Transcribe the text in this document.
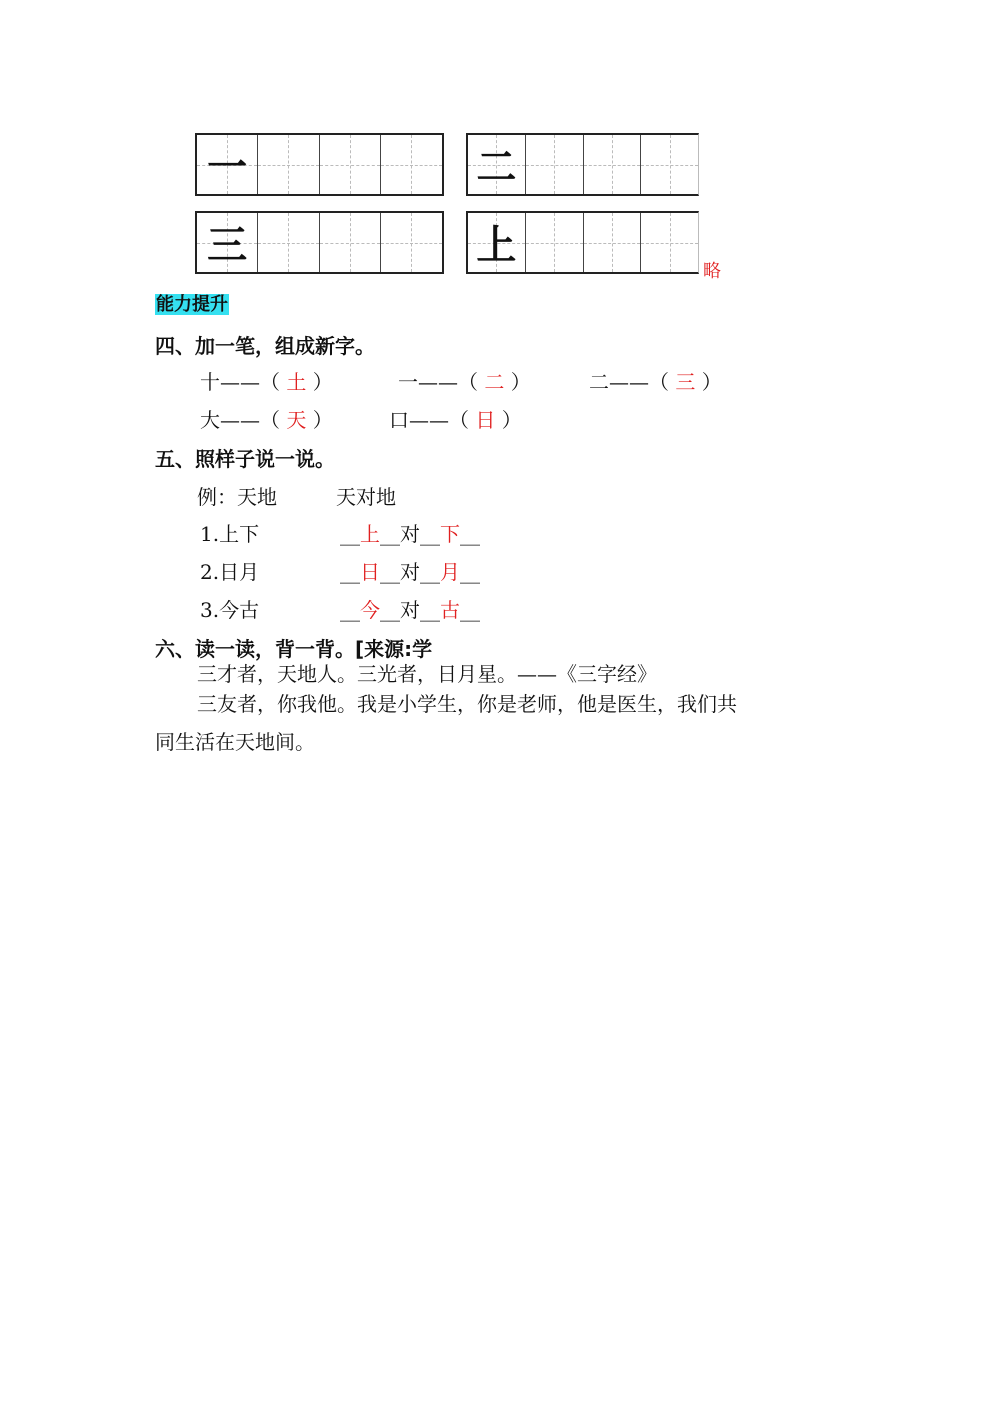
一	二
三	上
略
能力提升
四、加一笔，组成新字。
十——（ 土 ）	一——（ 二 ）	二——（ 三 ）
大——（ 天 ）	口——（ 日 ）
五、照样子说一说。
例：天地	天对地
1.上下	__上__对__下__
2.日月	__日__对__月__
3.今古	__今__对__古__
六、读一读，背一背。[来源:学
三才者，天地人。三光者，日月星。——《三字经》
三友者，你我他。我是小学生，你是老师，他是医生，我们共
同生活在天地间。
